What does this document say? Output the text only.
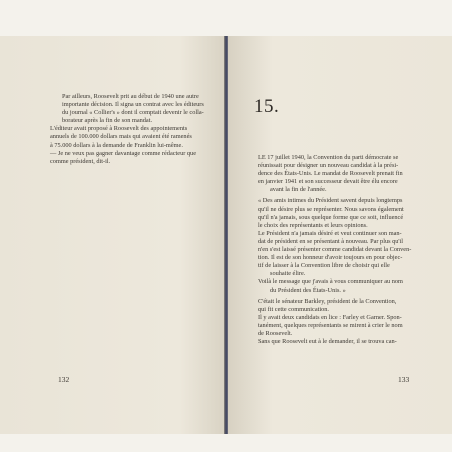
Par ailleurs, Roosevelt prit au début de 1940 une autre
importante décision. Il signa un contrat avec les éditeurs
du journal « Collier's » dont il comptait devenir le colla-
borateur après la fin de son mandat.
L'éditeur avait proposé à Roosevelt des appointements
annuels de 100.000 dollars mais qui avaient été ramenés
à 75.000 dollars à la demande de Franklin lui-même.
— Je ne veux pas gagner davantage comme rédacteur que
comme président, dit-il.
132
15.
LE 17 juillet 1940, la Convention du parti démocrate se
réunissait pour désigner un nouveau candidat à la prési-
dence des États-Unis. Le mandat de Roosevelt prenait fin
en janvier 1941 et son successeur devait être élu encore
avant la fin de l'année.
« Des amis intimes du Président savent depuis longtemps
qu'il ne désire plus se représenter. Nous savons également
qu'il n'a jamais, sous quelque forme que ce soit, influencé
le choix des représentants et leurs opinions.
Le Président n'a jamais désiré et veut continuer son man-
dat de président en se présentant à nouveau. Par plus qu'il
n'en s'est laissé présenter comme candidat devant la Conven-
tion. Il est de son honneur d'avoir toujours en pour objec-
tif de laisser à la Convention libre de choisir qui elle
souhaite élire.
Voilà le message que j'avais à vous communiquer au nom
du Président des États-Unis. »
C'était le sénateur Barkley, président de la Convention,
qui fit cette communication.
Il y avait deux candidats en lice : Farley et Garner. Spon-
tanément, quelques représentants se mirent à crier le nom
de Roosevelt.
Sans que Roosevelt eut à le demander, il se trouva can-
133
